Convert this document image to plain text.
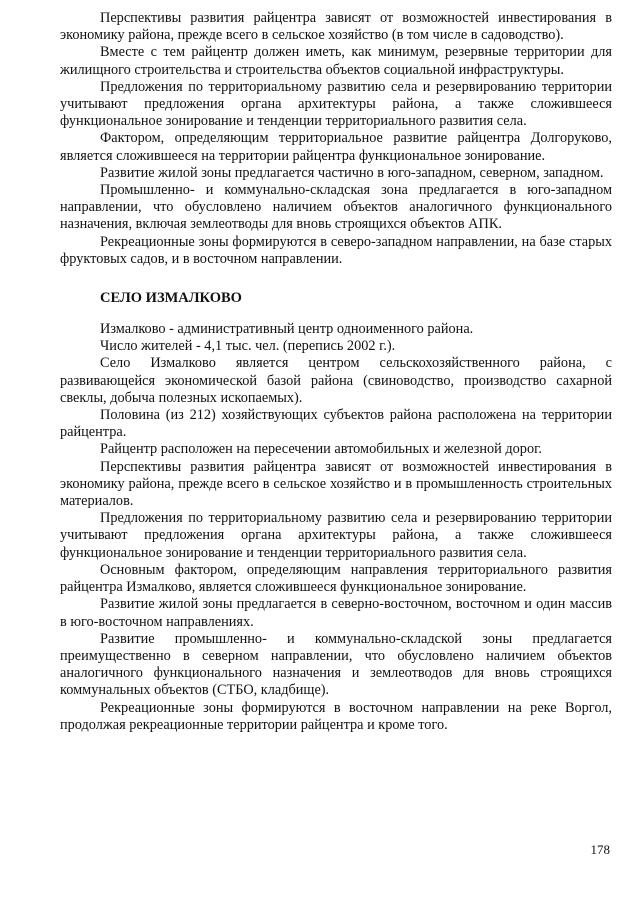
Перспективы развития райцентра зависят от возможностей инвестирования в экономику района, прежде всего в сельское хозяйство (в том числе в садоводство).

Вместе с тем райцентр должен иметь, как минимум, резервные территории для жилищного строительства и строительства объектов социальной инфраструктуры.

Предложения по территориальному развитию села и резервированию территории учитывают предложения органа архитектуры района, а также сложившееся функциональное зонирование и тенденции территориального развития села.

Фактором, определяющим территориальное развитие райцентра Долгоруково, является сложившееся на территории райцентра функциональное зонирование.

Развитие жилой зоны предлагается частично в юго-западном, северном, западном.

Промышленно- и коммунально-складская зона предлагается в юго-западном направлении, что обусловлено наличием объектов аналогичного функционального назначения, включая землеотводы для вновь строящихся объектов АПК.

Рекреационные зоны формируются в северо-западном направлении, на базе старых фруктовых садов, и в восточном направлении.

СЕЛО ИЗМАЛКОВО

Измалково - административный центр одноименного района.

Число жителей - 4,1 тыс. чел. (перепись 2002 г.).

Село Измалково является центром сельскохозяйственного района, с развивающейся экономической базой района (свиноводство, производство сахарной свеклы, добыча полезных ископаемых).

Половина (из 212) хозяйствующих субъектов района расположена на территории райцентра.

Райцентр расположен на пересечении автомобильных и железной дорог.

Перспективы развития райцентра зависят от возможностей инвестирования в экономику района, прежде всего в сельское хозяйство и в промышленность строительных материалов.

Предложения по территориальному развитию села и резервированию территории учитывают предложения органа архитектуры района, а также сложившееся функциональное зонирование и тенденции территориального развития села.

Основным фактором, определяющим направления территориального развития райцентра Измалково, является сложившееся функциональное зонирование.

Развитие жилой зоны предлагается в северно-восточном, восточном и один массив в юго-восточном направлениях.

Развитие промышленно- и коммунально-складской зоны предлагается преимущественно в северном направлении, что обусловлено наличием объектов аналогичного функционального назначения и землеотводов для вновь строящихся коммунальных объектов (СТБО, кладбище).

Рекреационные зоны формируются в восточном направлении на реке Воргол, продолжая рекреационные территории райцентра и кроме того.

178
